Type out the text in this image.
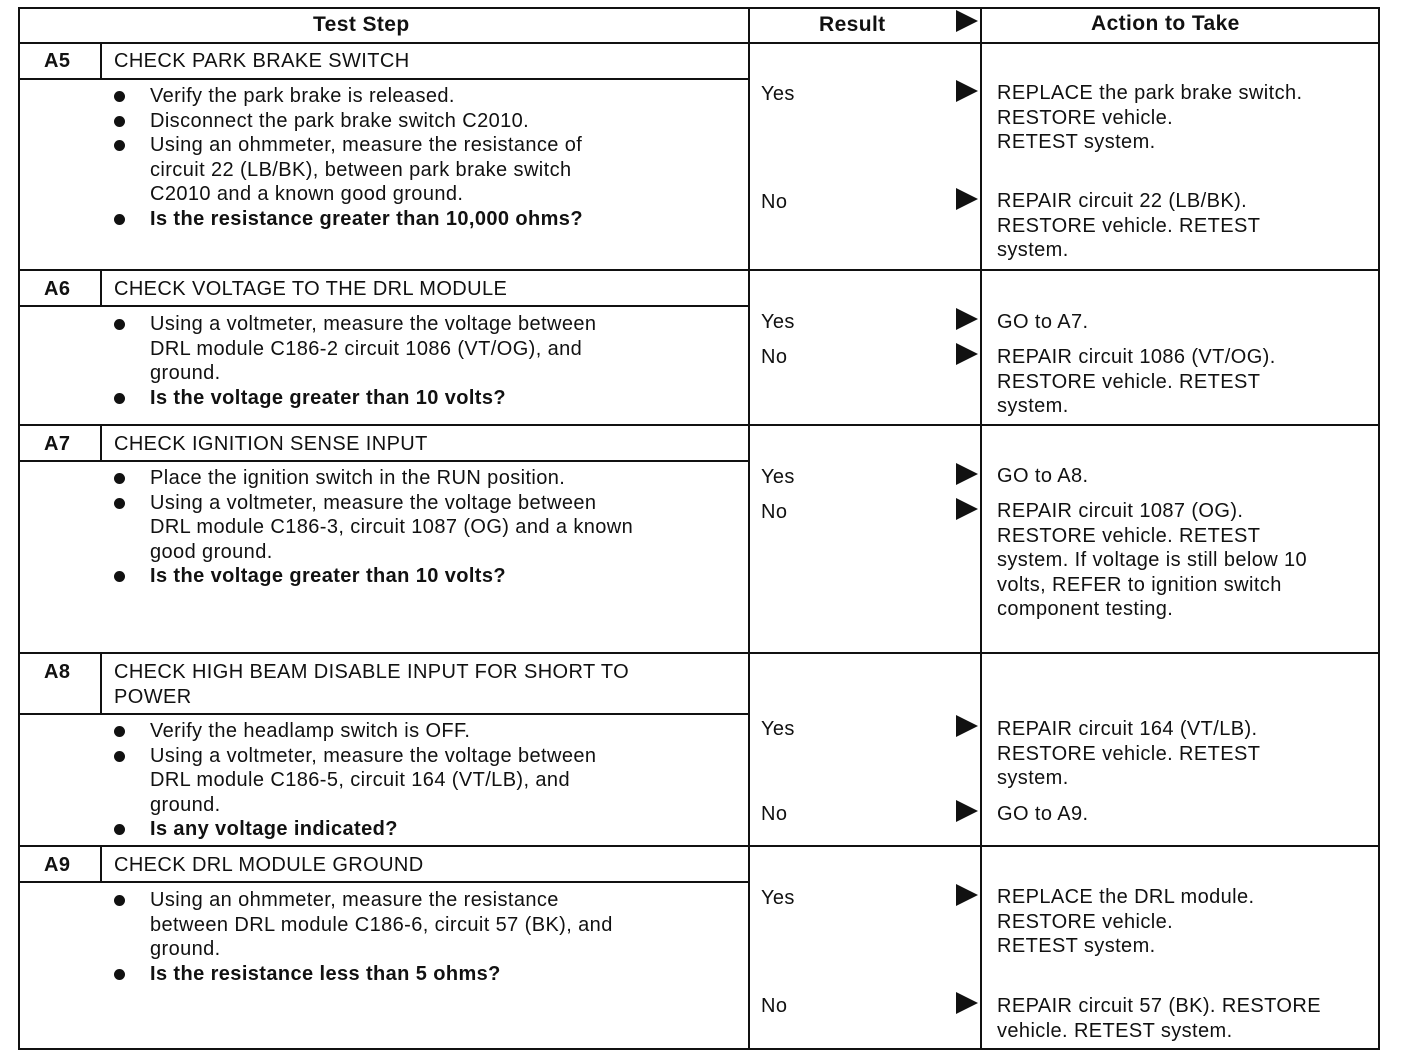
Test Step	Result	Action to Take
A5 CHECK PARK BRAKE SWITCH
Verify the park brake is released.
Disconnect the park brake switch C2010.
Using an ohmmeter, measure the resistance of
circuit 22 (LB/BK), between park brake switch
C2010 and a known good ground.
Is the resistance greater than 10,000 ohms?
Yes	REPLACE the park brake switch.
RESTORE vehicle.
RETEST system.
No	REPAIR circuit 22 (LB/BK).
RESTORE vehicle. RETEST
system.
A6 CHECK VOLTAGE TO THE DRL MODULE
Using a voltmeter, measure the voltage between
DRL module C186-2 circuit 1086 (VT/OG), and
ground.
Is the voltage greater than 10 volts?
Yes	GO to A7.
No	REPAIR circuit 1086 (VT/OG).
RESTORE vehicle. RETEST
system.
A7 CHECK IGNITION SENSE INPUT
Place the ignition switch in the RUN position.
Using a voltmeter, measure the voltage between
DRL module C186-3, circuit 1087 (OG) and a known
good ground.
Is the voltage greater than 10 volts?
Yes	GO to A8.
No	REPAIR circuit 1087 (OG).
RESTORE vehicle. RETEST
system. If voltage is still below 10
volts, REFER to ignition switch
component testing.
A8 CHECK HIGH BEAM DISABLE INPUT FOR SHORT TO
POWER
Verify the headlamp switch is OFF.
Using a voltmeter, measure the voltage between
DRL module C186-5, circuit 164 (VT/LB), and
ground.
Is any voltage indicated?
Yes	REPAIR circuit 164 (VT/LB).
RESTORE vehicle. RETEST
system.
No	GO to A9.
A9 CHECK DRL MODULE GROUND
Using an ohmmeter, measure the resistance
between DRL module C186-6, circuit 57 (BK), and
ground.
Is the resistance less than 5 ohms?
Yes	REPLACE the DRL module.
RESTORE vehicle.
RETEST system.
No	REPAIR circuit 57 (BK). RESTORE
vehicle. RETEST system.
